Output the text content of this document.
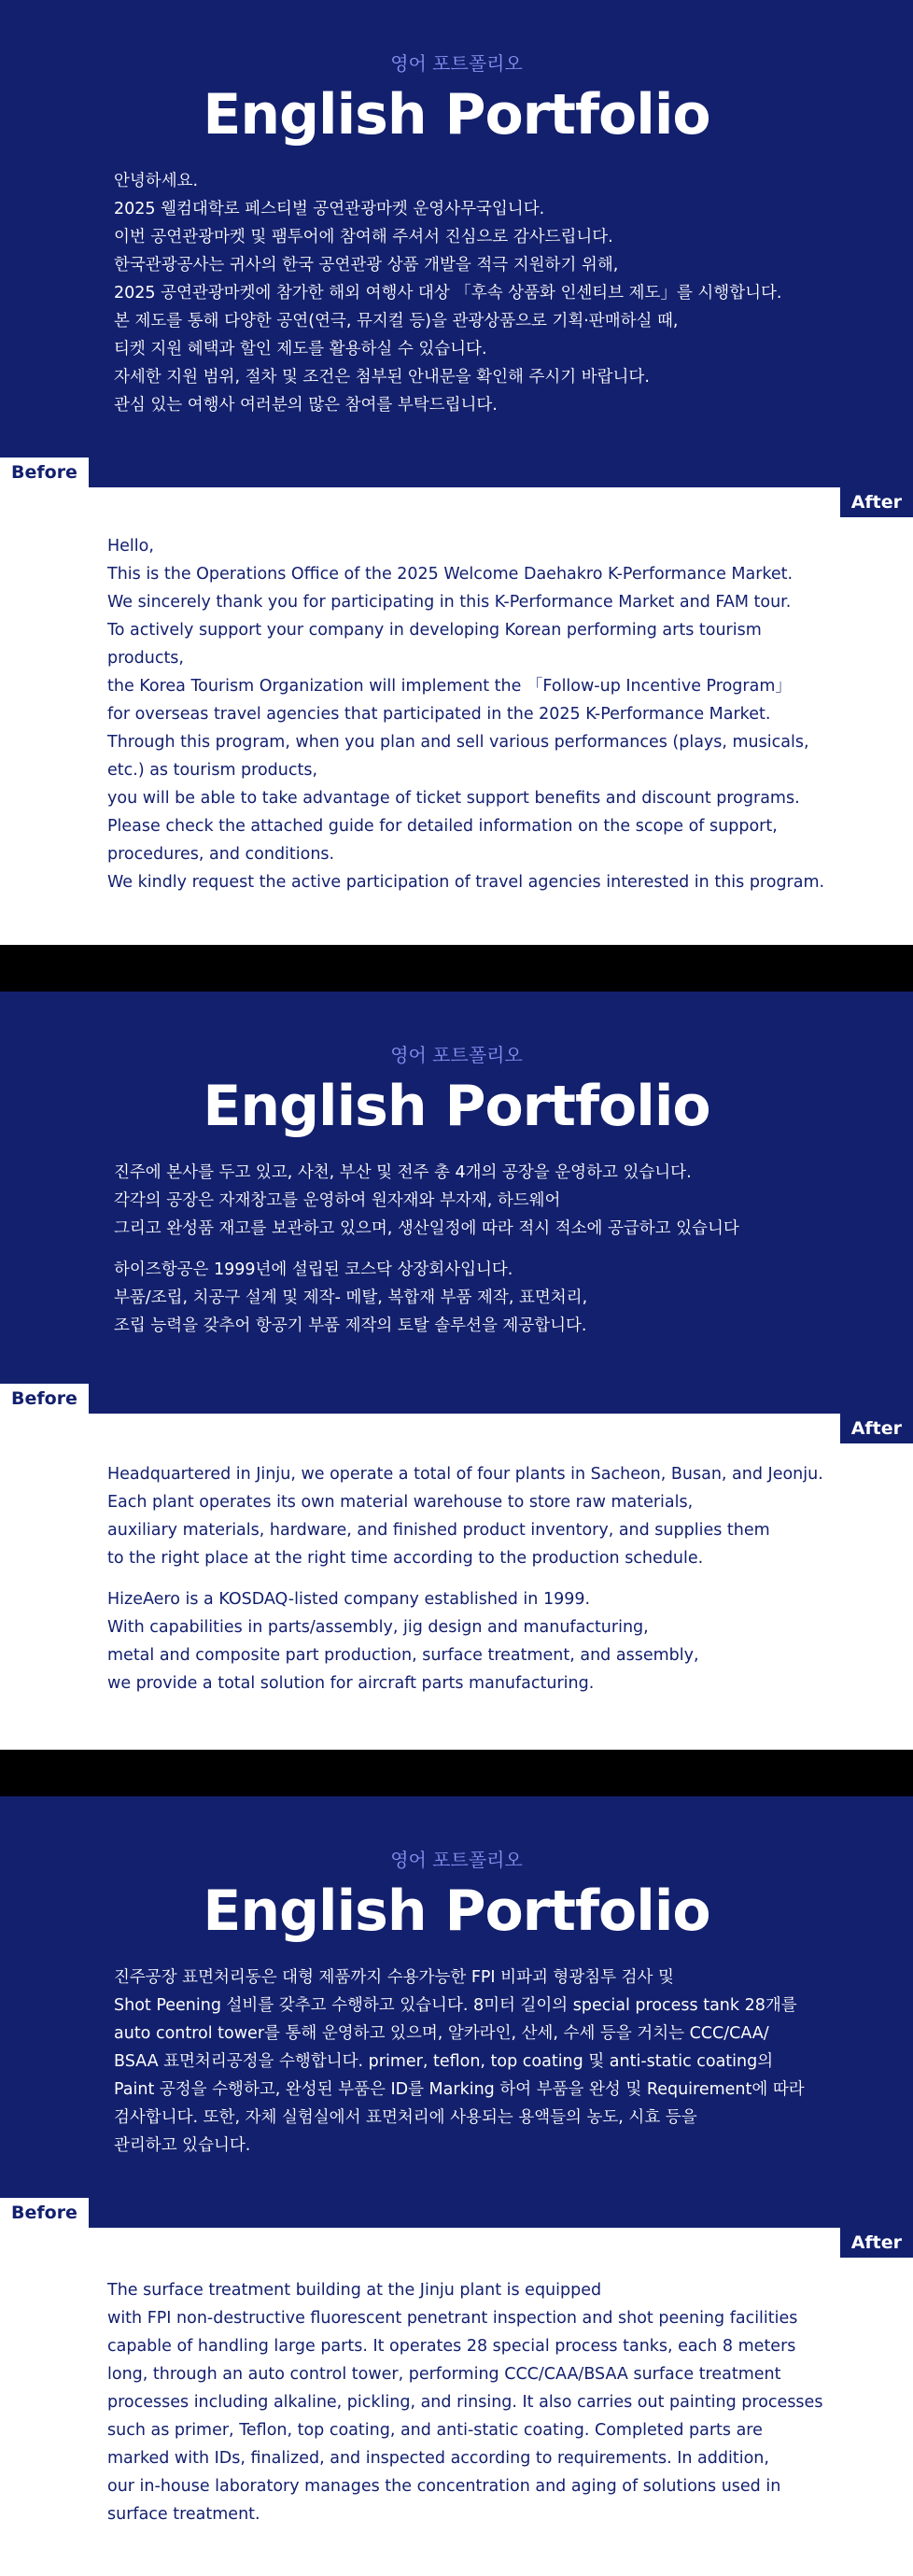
영어 포트폴리오
English Portfolio

안녕하세요.
2025 웰컴대학로 페스티벌 공연관광마켓 운영사무국입니다.
이번 공연관광마켓 및 팸투어에 참여해 주셔서 진심으로 감사드립니다.
한국관광공사는 귀사의 한국 공연관광 상품 개발을 적극 지원하기 위해,
2025 공연관광마켓에 참가한 해외 여행사 대상 「후속 상품화 인센티브 제도」를 시행합니다.
본 제도를 통해 다양한 공연(연극, 뮤지컬 등)을 관광상품으로 기획·판매하실 때,
티켓 지원 혜택과 할인 제도를 활용하실 수 있습니다.
자세한 지원 범위, 절차 및 조건은 첨부된 안내문을 확인해 주시기 바랍니다.
관심 있는 여행사 여러분의 많은 참여를 부탁드립니다.

Before
After

Hello,
This is the Operations Office of the 2025 Welcome Daehakro K-Performance Market.
We sincerely thank you for participating in this K-Performance Market and FAM tour.
To actively support your company in developing Korean performing arts tourism
products,
the Korea Tourism Organization will implement the 「Follow-up Incentive Program」
for overseas travel agencies that participated in the 2025 K-Performance Market.
Through this program, when you plan and sell various performances (plays, musicals,
etc.) as tourism products,
you will be able to take advantage of ticket support benefits and discount programs.
Please check the attached guide for detailed information on the scope of support,
procedures, and conditions.
We kindly request the active participation of travel agencies interested in this program.

영어 포트폴리오
English Portfolio

진주에 본사를 두고 있고, 사천, 부산 및 전주 총 4개의 공장을 운영하고 있습니다.
각각의 공장은 자재창고를 운영하여 원자재와 부자재, 하드웨어
그리고 완성품 재고를 보관하고 있으며, 생산일정에 따라 적시 적소에 공급하고 있습니다

하이즈항공은 1999년에 설립된 코스닥 상장회사입니다.
부품/조립, 치공구 설계 및 제작- 메탈, 복합재 부품 제작, 표면처리,
조립 능력을 갖추어 항공기 부품 제작의 토탈 솔루션을 제공합니다.

Before
After

Headquartered in Jinju, we operate a total of four plants in Sacheon, Busan, and Jeonju.
Each plant operates its own material warehouse to store raw materials,
auxiliary materials, hardware, and finished product inventory, and supplies them
to the right place at the right time according to the production schedule.

HizeAero is a KOSDAQ-listed company established in 1999.
With capabilities in parts/assembly, jig design and manufacturing,
metal and composite part production, surface treatment, and assembly,
we provide a total solution for aircraft parts manufacturing.

영어 포트폴리오
English Portfolio

진주공장 표면처리동은 대형 제품까지 수용가능한 FPI 비파괴 형광침투 검사 및
Shot Peening 설비를 갖추고 수행하고 있습니다. 8미터 길이의 special process tank 28개를
auto control tower를 통해 운영하고 있으며, 알카라인, 산세, 수세 등을 거치는 CCC/CAA/
BSAA 표면처리공정을 수행합니다. primer, teflon, top coating 및 anti-static coating의
Paint 공정을 수행하고, 완성된 부품은 ID를 Marking 하여 부품을 완성 및 Requirement에 따라
검사합니다. 또한, 자체 실험실에서 표면처리에 사용되는 용액들의 농도, 시효 등을
관리하고 있습니다.

Before
After

The surface treatment building at the Jinju plant is equipped
with FPI non-destructive fluorescent penetrant inspection and shot peening facilities
capable of handling large parts. It operates 28 special process tanks, each 8 meters
long, through an auto control tower, performing CCC/CAA/BSAA surface treatment
processes including alkaline, pickling, and rinsing. It also carries out painting processes
such as primer, Teflon, top coating, and anti-static coating. Completed parts are
marked with IDs, finalized, and inspected according to requirements. In addition,
our in-house laboratory manages the concentration and aging of solutions used in
surface treatment.
